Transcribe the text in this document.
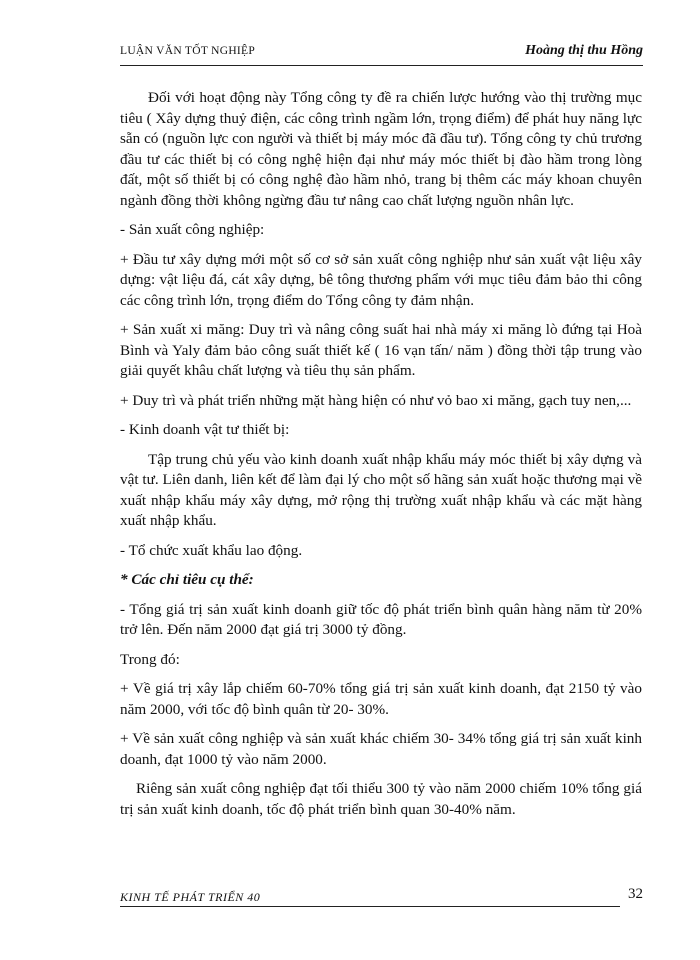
LUẬN VĂN TỐT NGHIỆP	Hoàng thị thu Hồng

Đối với hoạt động này Tổng công ty đề ra chiến lược hướng vào thị trường mục tiêu ( Xây dựng thuỷ điện, các công trình ngầm lớn, trọng điểm) để phát huy năng lực sẵn có (nguồn lực con người và thiết bị máy móc đã đầu tư). Tổng công ty chủ trương đầu tư các thiết bị có công nghệ hiện đại như máy móc thiết bị đào hầm trong lòng đất, một số thiết bị có công nghệ đào hầm nhỏ, trang bị thêm các máy khoan chuyên ngành đồng thời không ngừng đầu tư nâng cao chất lượng nguồn nhân lực.

- Sản xuất công nghiệp:

+ Đầu tư xây dựng mới một số cơ sở sản xuất công nghiệp như sản xuất vật liệu xây dựng: vật liệu đá, cát xây dựng, bê tông thương phẩm với mục tiêu đảm bảo thi công các công trình lớn, trọng điểm do Tổng công ty đảm nhận.

+ Sản xuất xi măng: Duy trì và nâng công suất hai nhà máy xi măng lò đứng tại Hoà Bình và Yaly đảm bảo công suất thiết kế ( 16 vạn tấn/ năm ) đồng thời tập trung vào giải quyết khâu chất lượng và tiêu thụ sản phẩm.

+ Duy trì và phát triển những mặt hàng hiện có như vỏ bao xi măng, gạch tuy nen,...

- Kinh doanh vật tư thiết bị:

Tập trung chủ yếu vào kinh doanh xuất nhập khẩu máy móc thiết bị xây dựng và vật tư. Liên danh, liên kết để làm đại lý cho một số hãng sản xuất hoặc thương mại về xuất nhập khẩu máy xây dựng, mở rộng thị trường xuất nhập khẩu và các mặt hàng xuất nhập khẩu.

- Tổ chức xuất khẩu lao động.

* Các chỉ tiêu cụ thể:

- Tổng giá trị sản xuất kinh doanh giữ tốc độ phát triển bình quân hàng năm từ 20% trở lên. Đến năm 2000 đạt giá trị 3000 tỷ đồng.

Trong đó:

+ Về giá trị xây lắp chiếm 60-70% tổng giá trị sản xuất kinh doanh, đạt 2150 tỷ vào năm 2000, với tốc độ bình quân từ 20- 30%.

+ Về sản xuất công nghiệp và sản xuất khác chiếm 30- 34% tổng giá trị sản xuất kinh doanh, đạt 1000 tỷ vào năm 2000.

Riêng sản xuất công nghiệp đạt tối thiểu 300 tỷ vào năm 2000 chiếm 10% tổng giá trị sản xuất kinh doanh, tốc độ phát triển bình quan 30-40% năm.

KINH TẾ PHÁT TRIỂN 40	32
